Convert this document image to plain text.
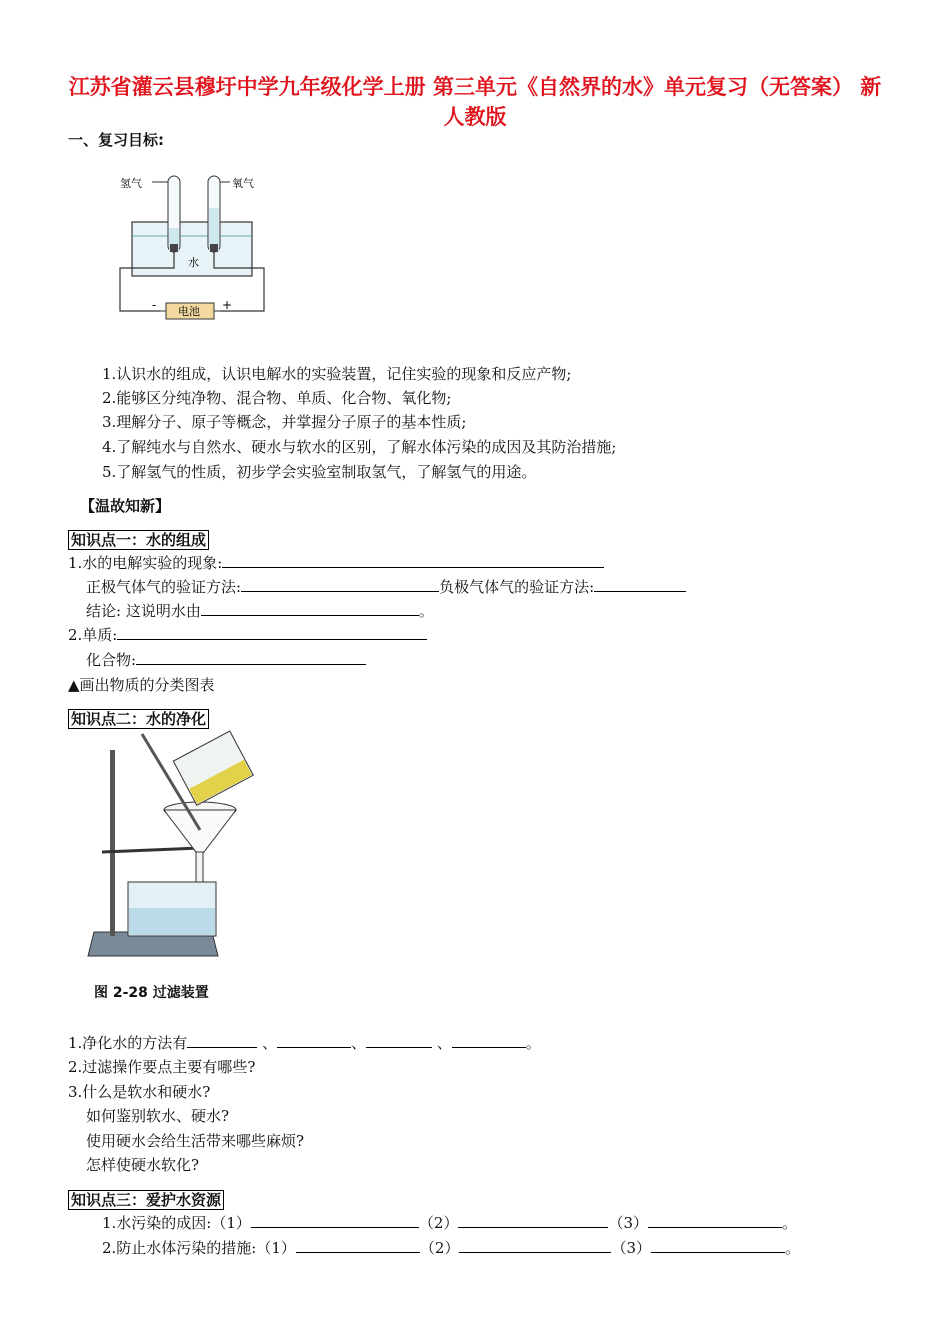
江苏省灌云县穆圩中学九年级化学上册 第三单元《自然界的水》单元复习（无答案） 新人教版
一、复习目标:
氢气	氧气
水
电池
-	+
1.认识水的组成，认识电解水的实验装置，记住实验的现象和反应产物;
2.能够区分纯净物、混合物、单质、化合物、氧化物;
3.理解分子、原子等概念，并掌握分子原子的基本性质;
4.了解纯水与自然水、硬水与软水的区别，了解水体污染的成因及其防治措施;
5.了解氢气的性质，初步学会实验室制取氢气，了解氢气的用途。
【温故知新】
知识点一：水的组成
1.水的电解实验的现象:
正极气体气的验证方法:	负极气体气的验证方法:
结论: 这说明水由	。
2.单质:
化合物:
▲画出物质的分类图表
知识点二：水的净化
图 2-28 过滤装置
1.净化水的方法有	、	、	、	。
2.过滤操作要点主要有哪些?
3.什么是软水和硬水?
如何鉴别软水、硬水?
使用硬水会给生活带来哪些麻烦?
怎样使硬水软化?
知识点三：爱护水资源
1.水污染的成因:（1）	（2）	（3）	。
2.防止水体污染的措施:（1）	（2）	（3）	。
